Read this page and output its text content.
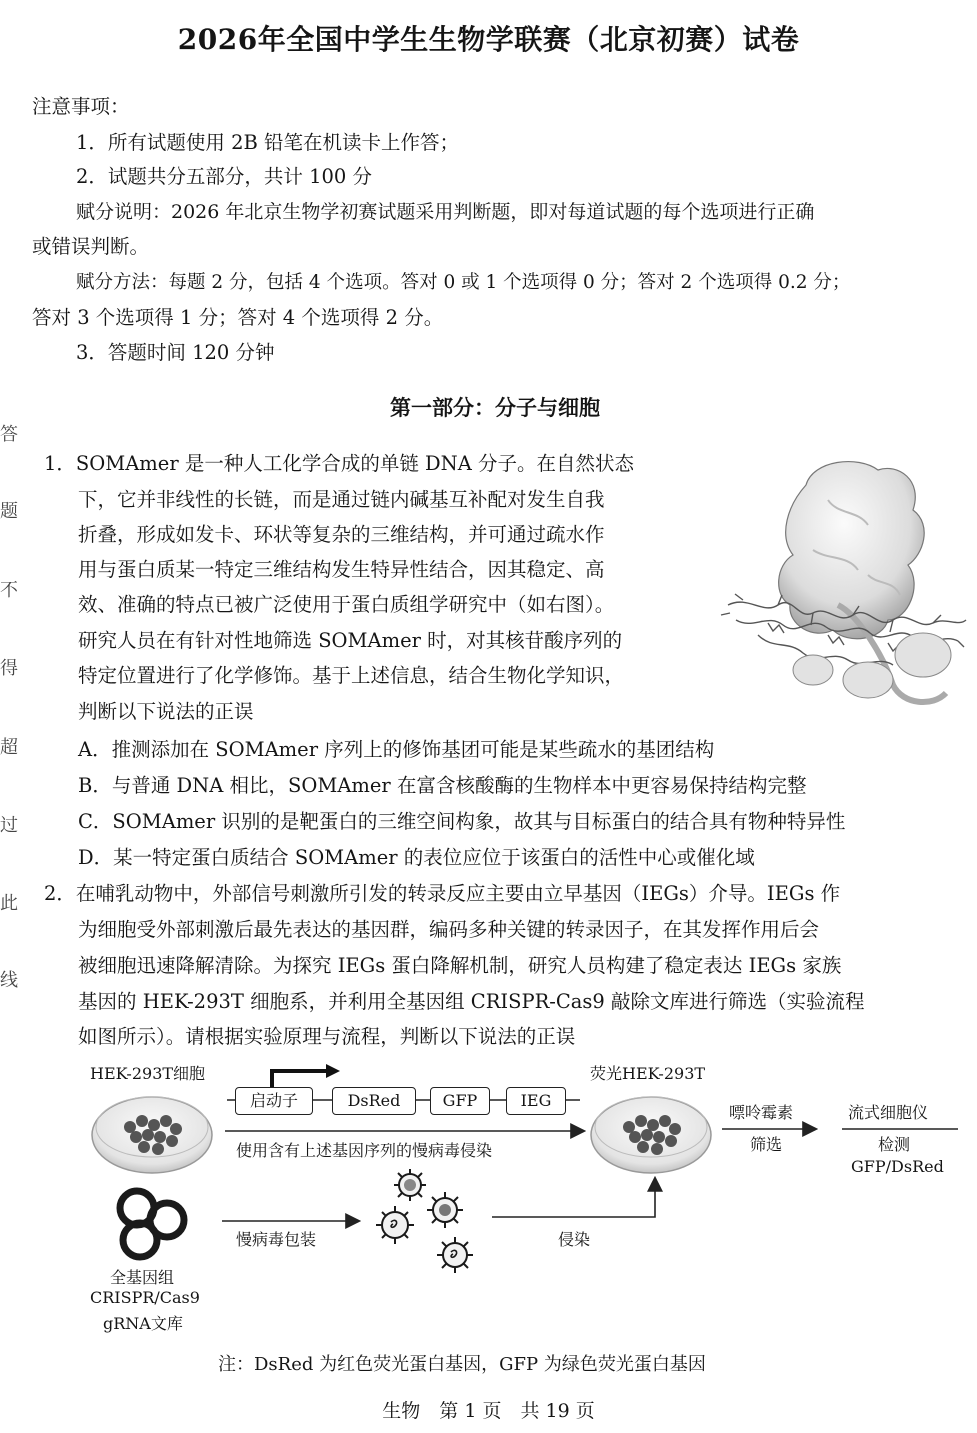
2026年全国中学生生物学联赛（北京初赛）试卷
注意事项：
1．所有试题使用 2B 铅笔在机读卡上作答；
2．试题共分五部分，共计 100 分
赋分说明：2026 年北京生物学初赛试题采用判断题，即对每道试题的每个选项进行正确
或错误判断。
赋分方法：每题 2 分，包括 4 个选项。答对 0 或 1 个选项得 0 分；答对 2 个选项得 0.2 分；
答对 3 个选项得 1 分；答对 4 个选项得 2 分。
3．答题时间 120 分钟
答
题
不
得
超
过
此
线
第一部分：分子与细胞
1．SOMAmer 是一种人工化学合成的单链 DNA 分子。在自然状态
下，它并非线性的长链，而是通过链内碱基互补配对发生自我
折叠，形成如发卡、环状等复杂的三维结构，并可通过疏水作
用与蛋白质某一特定三维结构发生特异性结合，因其稳定、高
效、准确的特点已被广泛使用于蛋白质组学研究中（如右图）。
研究人员在有针对性地筛选 SOMAmer 时，对其核苷酸序列的
特定位置进行了化学修饰。基于上述信息，结合生物化学知识，
判断以下说法的正误
A．推测添加在 SOMAmer 序列上的修饰基团可能是某些疏水的基团结构
B．与普通 DNA 相比，SOMAmer 在富含核酸酶的生物样本中更容易保持结构完整
C．SOMAmer 识别的是靶蛋白的三维空间构象，故其与目标蛋白的结合具有物种特异性
D．某一特定蛋白质结合 SOMAmer 的表位应位于该蛋白的活性中心或催化域
2．在哺乳动物中，外部信号刺激所引发的转录反应主要由立早基因（IEGs）介导。IEGs 作
为细胞受外部刺激后最先表达的基因群，编码多种关键的转录因子，在其发挥作用后会
被细胞迅速降解清除。为探究 IEGs 蛋白降解机制，研究人员构建了稳定表达 IEGs 家族
基因的 HEK-293T 细胞系，并利用全基因组 CRISPR-Cas9 敲除文库进行筛选（实验流程
如图所示）。请根据实验原理与流程，判断以下说法的正误
启动子	DsRed	GFP	IEG
HEK-293T细胞
使用含有上述基因序列的慢病毒侵染
荧光HEK-293T
嘌呤霉素
筛选
流式细胞仪
检测
GFP/DsRed
慢病毒包装	侵染
全基因组
CRISPR/Cas9
gRNA文库
注：DsRed 为红色荧光蛋白基因，GFP 为绿色荧光蛋白基因
生物　第 1 页　共 19 页
